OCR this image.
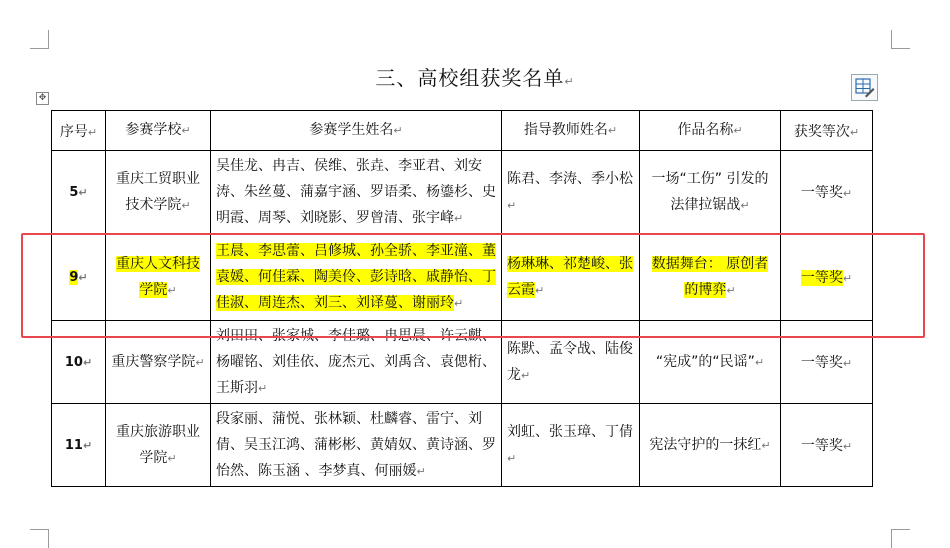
三、高校组获奖名单↵
✥
序号↵	参赛学校↵	参赛学生姓名↵	指导教师姓名↵	作品名称↵	获奖等次↵
5↵	重庆工贸职业技术学院↵	吴佳龙、冉吉、侯维、张垚、李亚君、刘安涛、朱丝蔓、蒲嘉宇涵、罗语柔、杨鎏杉、史明霞、周琴、刘晓影、罗曾清、张宇峰↵	陈君、李涛、季小松↵	一场“工伤” 引发的法律拉锯战↵	一等奖↵
9↵	重庆人文科技学院↵	王晨、李思蕾、吕修城、孙全骄、李亚潼、董袁媛、何佳霖、陶美伶、彭诗晗、戚静怡、丁佳淑、周连杰、刘三、刘译蔓、谢丽玲↵	杨琳琳、祁楚峻、张云霞↵	数据舞台： 原创者的博弈↵	一等奖↵
10↵	重庆警察学院↵	刘田田、张家城、李佳璐、冉思晨、许云麒、杨曜铭、刘佳依、庞杰元、刘禹含、袁偲桁、王斯羽↵	陈默、孟令战、陆俊龙↵	“宪成”的“民谣”↵	一等奖↵
11↵	重庆旅游职业学院↵	段家丽、蒲悦、张林颖、杜麟睿、雷宁、刘倩、吴玉江鸿、蒲彬彬、黄婧奴、黄诗涵、罗怡然、陈玉涵 、李梦真、何丽媛↵	刘虹、张玉璋、丁倩↵	宪法守护的一抹红↵	一等奖↵
